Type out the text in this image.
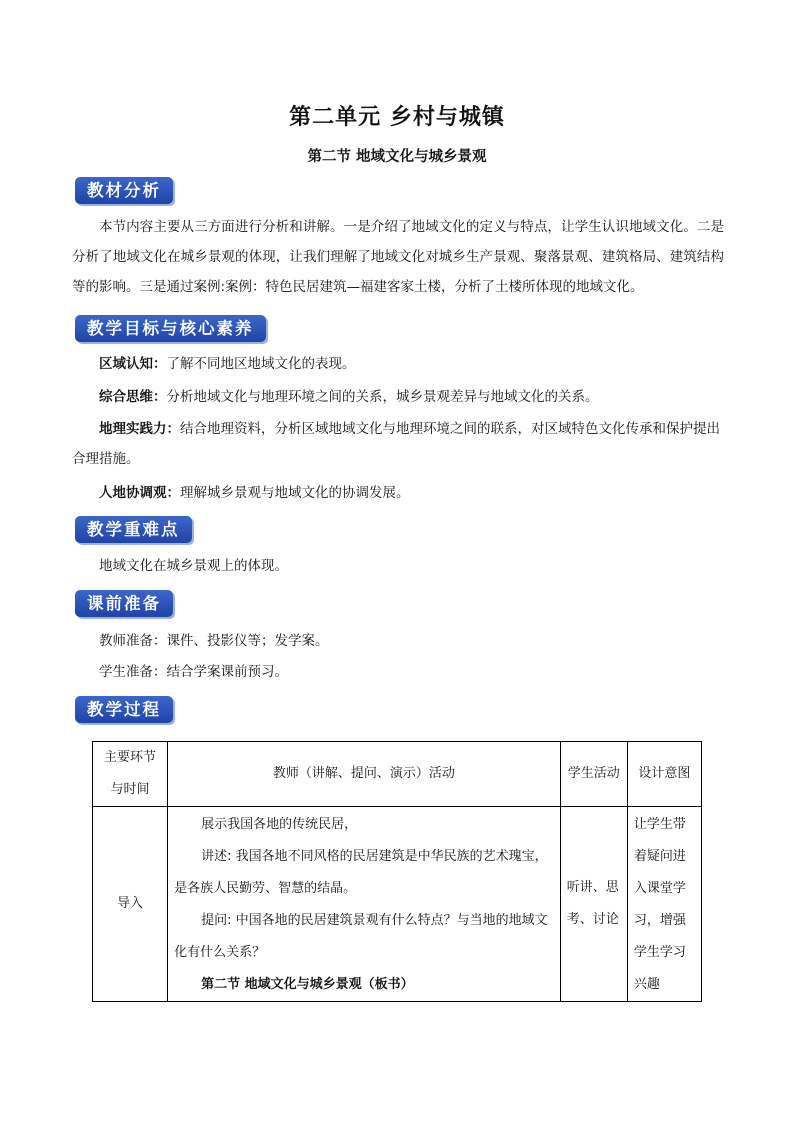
第二单元 乡村与城镇
第二节 地域文化与城乡景观
教材分析

本节内容主要从三方面进行分析和讲解。一是介绍了地域文化的定义与特点，让学生认识地域文化。二是分析了地域文化在城乡景观的体现，让我们理解了地域文化对城乡生产景观、聚落景观、建筑格局、建筑结构等的影响。三是通过案例:案例：特色民居建筑—福建客家土楼，分析了土楼所体现的地域文化。

教学目标与核心素养
区域认知：了解不同地区地域文化的表现。
综合思维：分析地域文化与地理环境之间的关系，城乡景观差异与地域文化的关系。

地理实践力：结合地理资料，分析区域地域文化与地理环境之间的联系，对区域特色文化传承和保护提出合理措施。

人地协调观：理解城乡景观与地域文化的协调发展。
教学重难点
地域文化在城乡景观上的体现。
课前准备
教师准备：课件、投影仪等；发学案。
学生准备：结合学案课前预习。
教学过程
主要环节
与时间	教师（讲解、提问、演示）活动	学生活动	设计意图
导入	展示我国各地的传统民居，

讲述: 我国各地不同风格的民居建筑是中华民族的艺术瑰宝，是各族人民勤劳、智慧的结晶。

提问: 中国各地的民居建筑景观有什么特点？与当地的地域文化有什么关系？

第二节 地域文化与城乡景观（板书）	听讲、思考、讨论	让学生带着疑问进入课堂学习，增强学生学习兴趣
